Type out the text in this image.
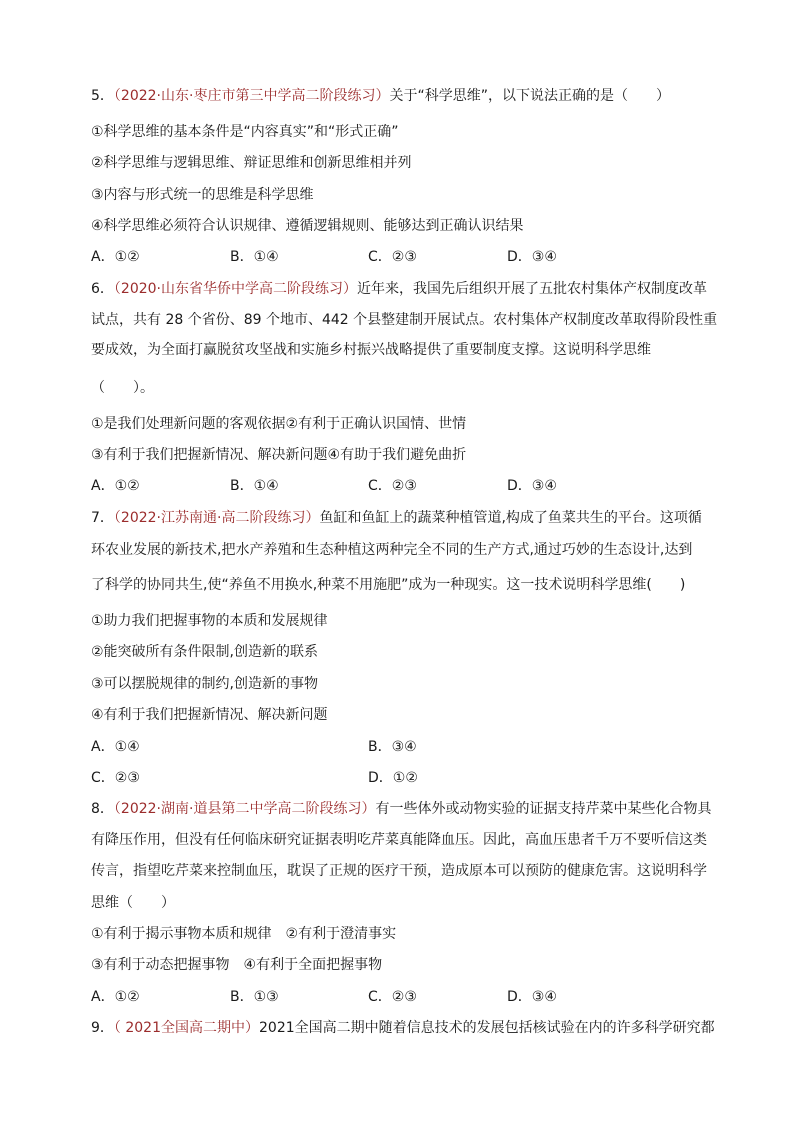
5．（2022·山东·枣庄市第三中学高二阶段练习）关于“科学思维”，以下说法正确的是（　　）
①科学思维的基本条件是“内容真实”和“形式正确”
②科学思维与逻辑思维、辩证思维和创新思维相并列
③内容与形式统一的思维是科学思维
④科学思维必须符合认识规律、遵循逻辑规则、能够达到正确认识结果
A．①②	B．①④	C．②③	D．③④
6．（2020·山东省华侨中学高二阶段练习）近年来，我国先后组织开展了五批农村集体产权制度改革
试点，共有 28 个省份、89 个地市、442 个县整建制开展试点。农村集体产权制度改革取得阶段性重
要成效，为全面打赢脱贫攻坚战和实施乡村振兴战略提供了重要制度支撑。这说明科学思维
（　　）。
①是我们处理新问题的客观依据②有利于正确认识国情、世情
③有利于我们把握新情况、解决新问题④有助于我们避免曲折
A．①②	B．①④	C．②③	D．③④
7．（2022·江苏南通·高二阶段练习）鱼缸和鱼缸上的蔬菜种植管道,构成了鱼菜共生的平台。这项循
环农业发展的新技术,把水产养殖和生态种植这两种完全不同的生产方式,通过巧妙的生态设计,达到
了科学的协同共生,使“养鱼不用换水,种菜不用施肥”成为一种现实。这一技术说明科学思维(　　)
①助力我们把握事物的本质和发展规律
②能突破所有条件限制,创造新的联系
③可以摆脱规律的制约,创造新的事物
④有利于我们把握新情况、解决新问题
A．①④	B．③④
C．②③	D．①②
8．（2022·湖南·道县第二中学高二阶段练习）有一些体外或动物实验的证据支持芹菜中某些化合物具
有降压作用，但没有任何临床研究证据表明吃芹菜真能降血压。因此，高血压患者千万不要听信这类
传言，指望吃芹菜来控制血压，耽误了正规的医疗干预，造成原本可以预防的健康危害。这说明科学
思维（　　）
①有利于揭示事物本质和规律　②有利于澄清事实
③有利于动态把握事物　④有利于全面把握事物
A．①②	B．①③	C．②③	D．③④
9．（ 2021全国高二期中）2021全国高二期中随着信息技术的发展包括核试验在内的许多科学研究都
